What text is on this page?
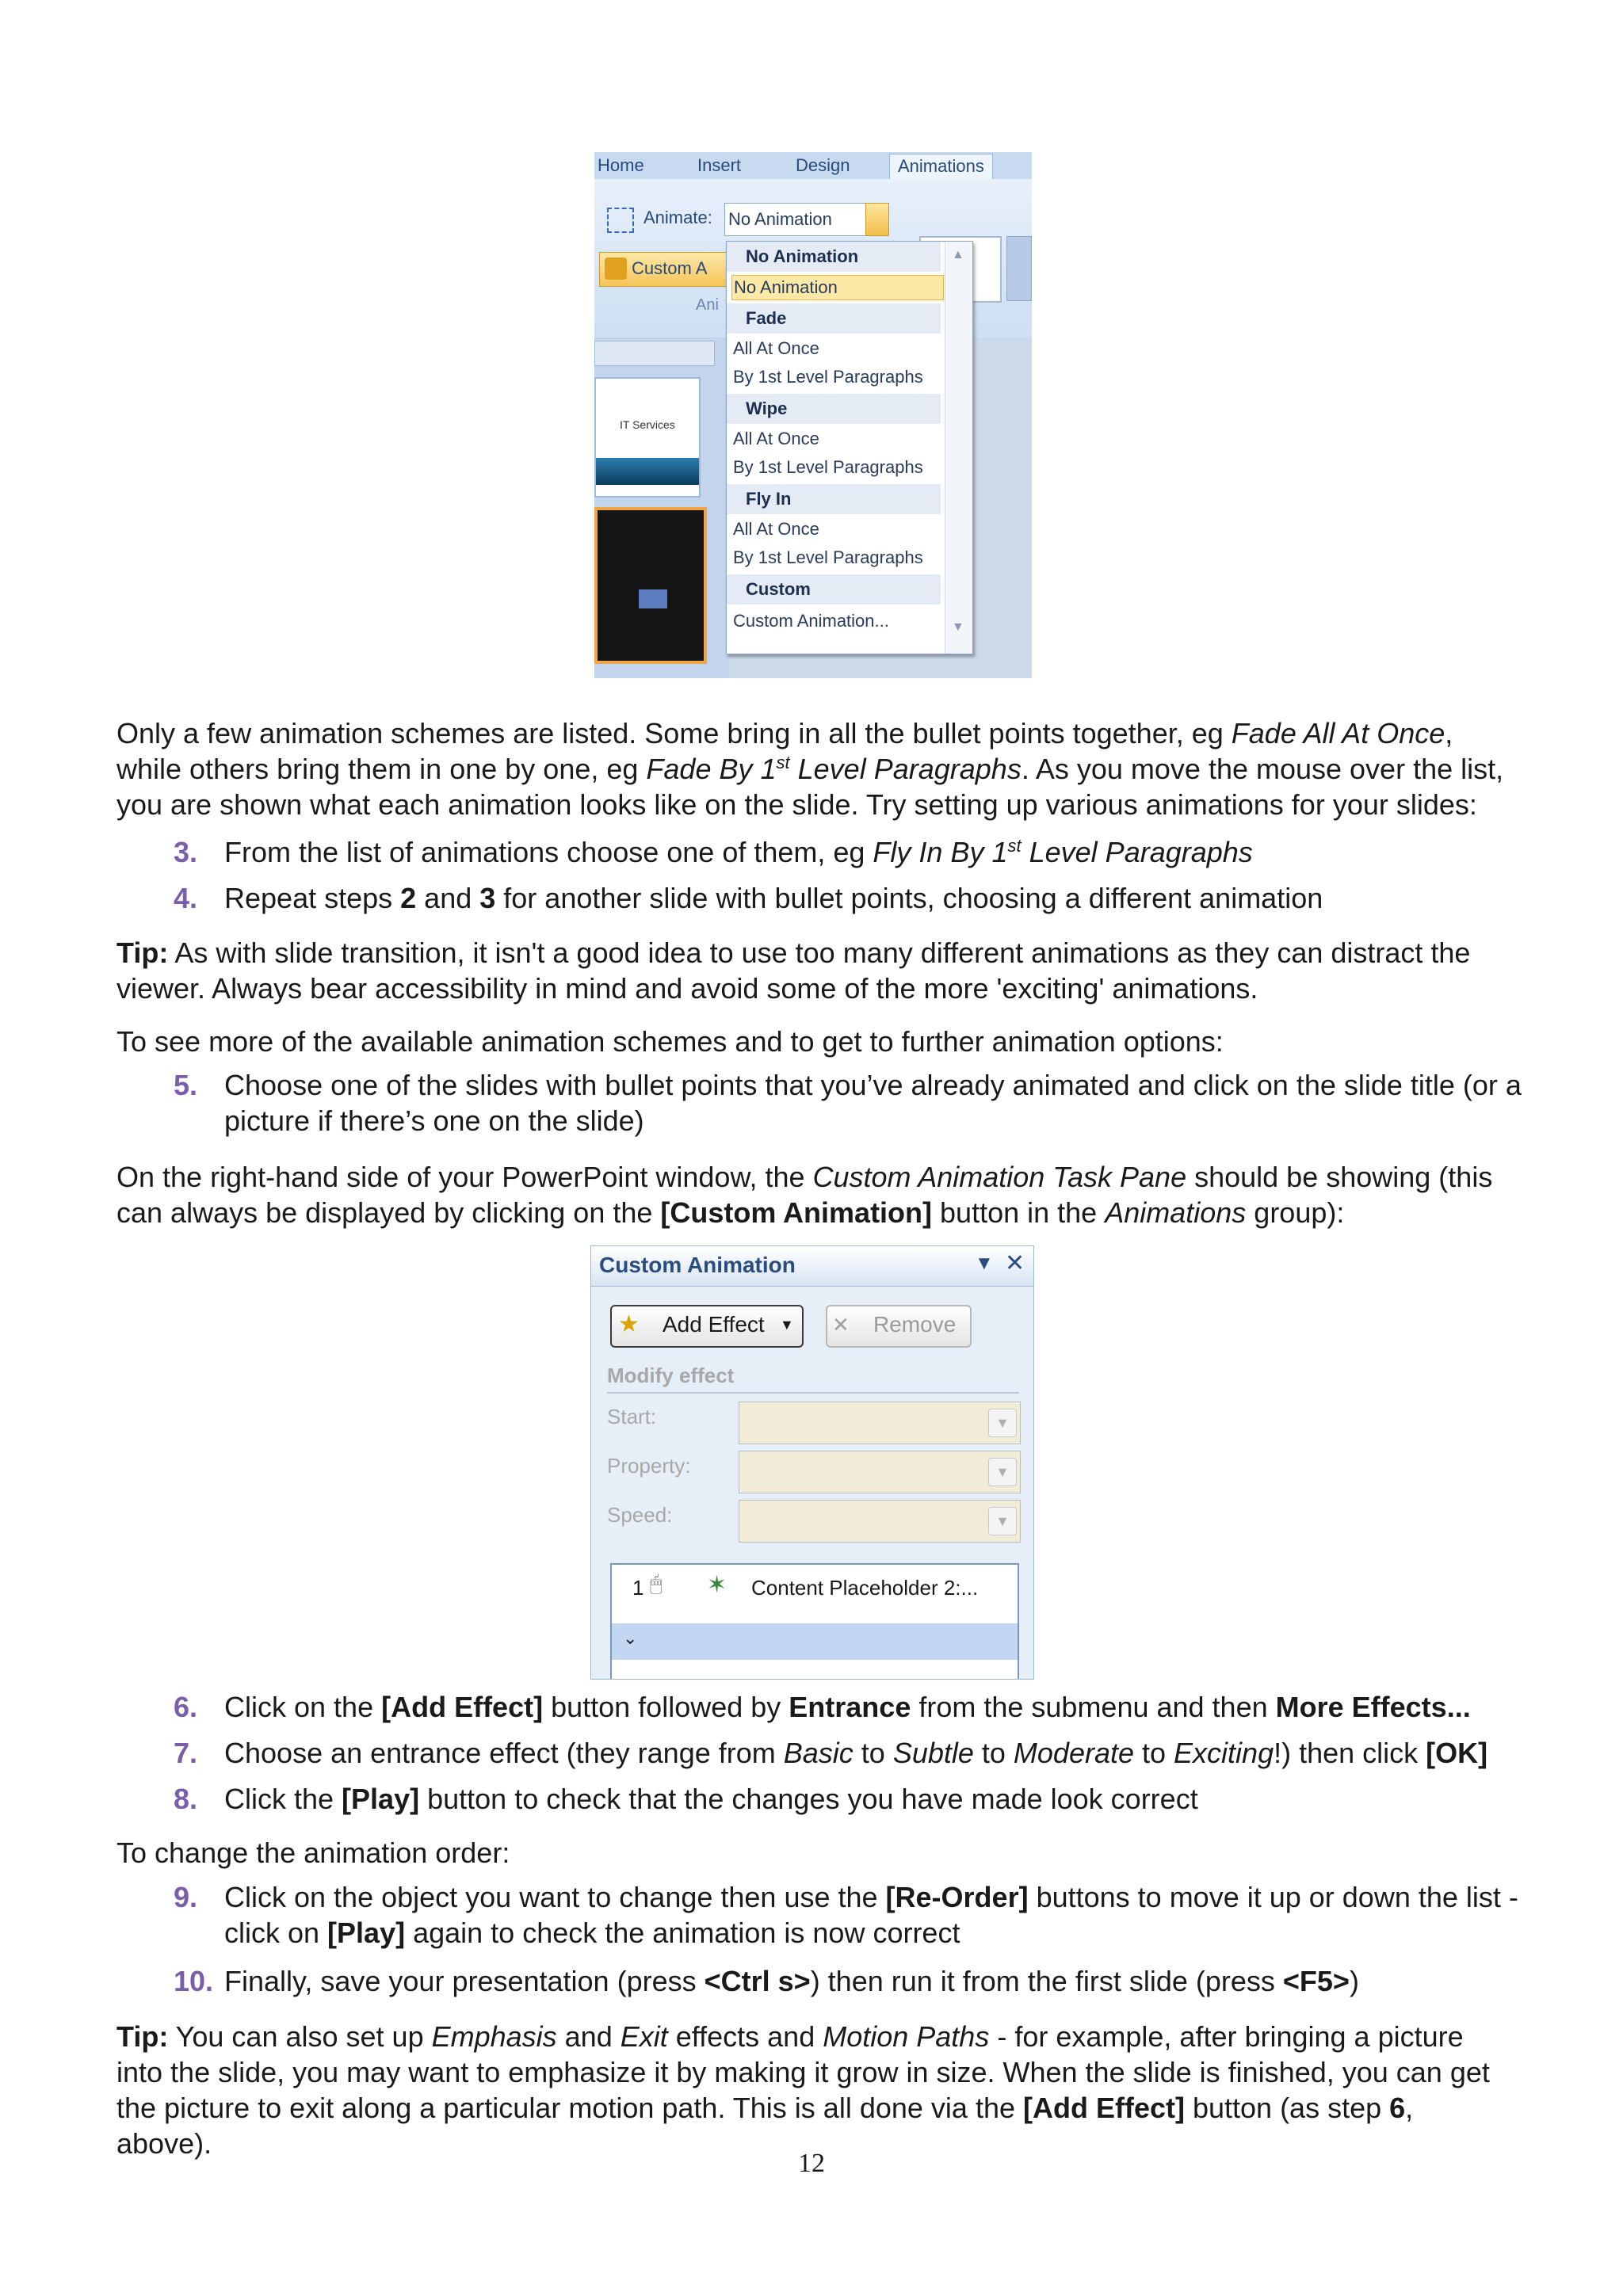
Home	Insert	Design	Animations
Animate: No Animation
Custom A
Ani
IT Services
No Animation
No Animation
Fade
All At Once
By 1st Level Paragraphs
Wipe
All At Once
By 1st Level Paragraphs
Fly In
All At Once
By 1st Level Paragraphs
Custom
Custom Animation...
▲
▼

Only a few animation schemes are listed. Some bring in all the bullet points together, eg Fade All At Once, while others bring them in one by one, eg Fade By 1st Level Paragraphs. As you move the mouse over the list, you are shown what each animation looks like on the slide. Try setting up various animations for your slides:

3. From the list of animations choose one of them, eg Fly In By 1st Level Paragraphs
4. Repeat steps 2 and 3 for another slide with bullet points, choosing a different animation

Tip: As with slide transition, it isn't a good idea to use too many different animations as they can distract the viewer. Always bear accessibility in mind and avoid some of the more 'exciting' animations.

To see more of the available animation schemes and to get to further animation options:

5. Choose one of the slides with bullet points that you’ve already animated and click on the slide title (or a picture if there’s one on the slide)

On the right-hand side of your PowerPoint window, the Custom Animation Task Pane should be showing (this can always be displayed by clicking on the [Custom Animation] button in the Animations group):

Custom Animation	▼ ✕
★ Add Effect ▼ ✕ Remove
Modify effect
Start:	▼
Property:	▼
Speed:	▼
1 🖱 ✶ Content Placeholder 2:...
⌄
6. Click on the [Add Effect] button followed by Entrance from the submenu and then More Effects...
7. Choose an entrance effect (they range from Basic to Subtle to Moderate to Exciting!) then click [OK]
8. Click the [Play] button to check that the changes you have made look correct

To change the animation order:

9. Click on the object you want to change then use the [Re-Order] buttons to move it up or down the list - click on [Play] again to check the animation is now correct
10. Finally, save your presentation (press <Ctrl s>) then run it from the first slide (press <F5>)

Tip: You can also set up Emphasis and Exit effects and Motion Paths - for example, after bringing a picture into the slide, you may want to emphasize it by making it grow in size. When the slide is finished, you can get the picture to exit along a particular motion path. This is all done via the [Add Effect] button (as step 6, above).

12
